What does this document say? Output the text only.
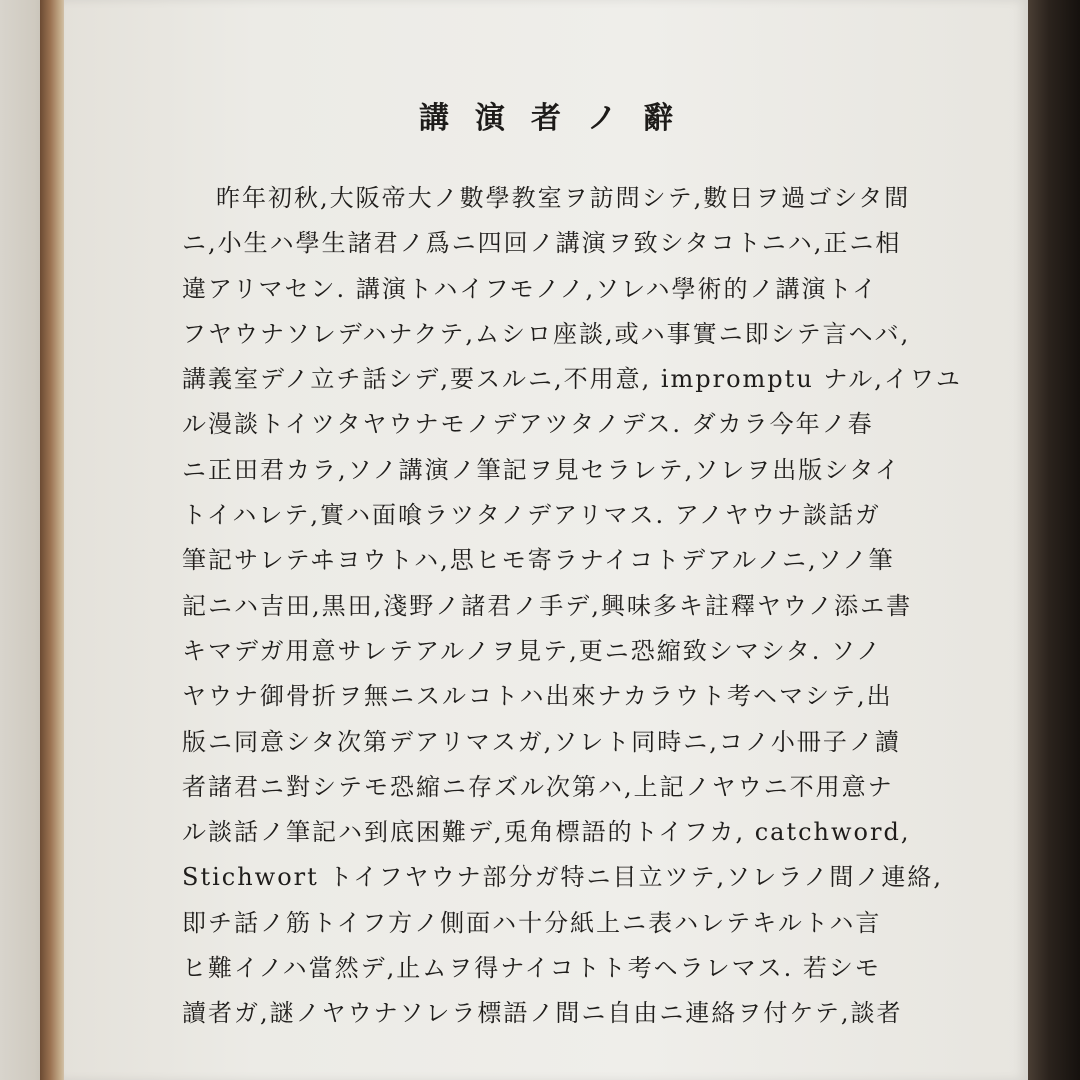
講演者ノ辭
昨年初秋,大阪帝大ノ數學教室ヲ訪問シテ,數日ヲ過ゴシタ間
ニ,小生ハ學生諸君ノ爲ニ四回ノ講演ヲ致シタコトニハ,正ニ相
違アリマセン. 講演トハイフモノノ,ソレハ學術的ノ講演トイ
フヤウナソレデハナクテ,ムシロ座談,或ハ事實ニ即シテ言ヘバ,
講義室デノ立チ話シデ,要スルニ,不用意, impromptu ナル,イワユ
ル漫談トイツタヤウナモノデアツタノデス. ダカラ今年ノ春
ニ正田君カラ,ソノ講演ノ筆記ヲ見セラレテ,ソレヲ出版シタイ
トイハレテ,實ハ面喰ラツタノデアリマス. アノヤウナ談話ガ
筆記サレテヰヨウトハ,思ヒモ寄ラナイコトデアルノニ,ソノ筆
記ニハ吉田,黒田,淺野ノ諸君ノ手デ,興味多キ註釋ヤウノ添エ書
キマデガ用意サレテアルノヲ見テ,更ニ恐縮致シマシタ. ソノ
ヤウナ御骨折ヲ無ニスルコトハ出來ナカラウト考ヘマシテ,出
版ニ同意シタ次第デアリマスガ,ソレト同時ニ,コノ小冊子ノ讀
者諸君ニ對シテモ恐縮ニ存ズル次第ハ,上記ノヤウニ不用意ナ
ル談話ノ筆記ハ到底困難デ,兎角標語的トイフカ, catchword,
Stichwort トイフヤウナ部分ガ特ニ目立ツテ,ソレラノ間ノ連絡,
即チ話ノ筋トイフ方ノ側面ハ十分紙上ニ表ハレテキルトハ言
ヒ難イノハ當然デ,止ムヲ得ナイコトト考ヘラレマス. 若シモ
讀者ガ,謎ノヤウナソレラ標語ノ間ニ自由ニ連絡ヲ付ケテ,談者
